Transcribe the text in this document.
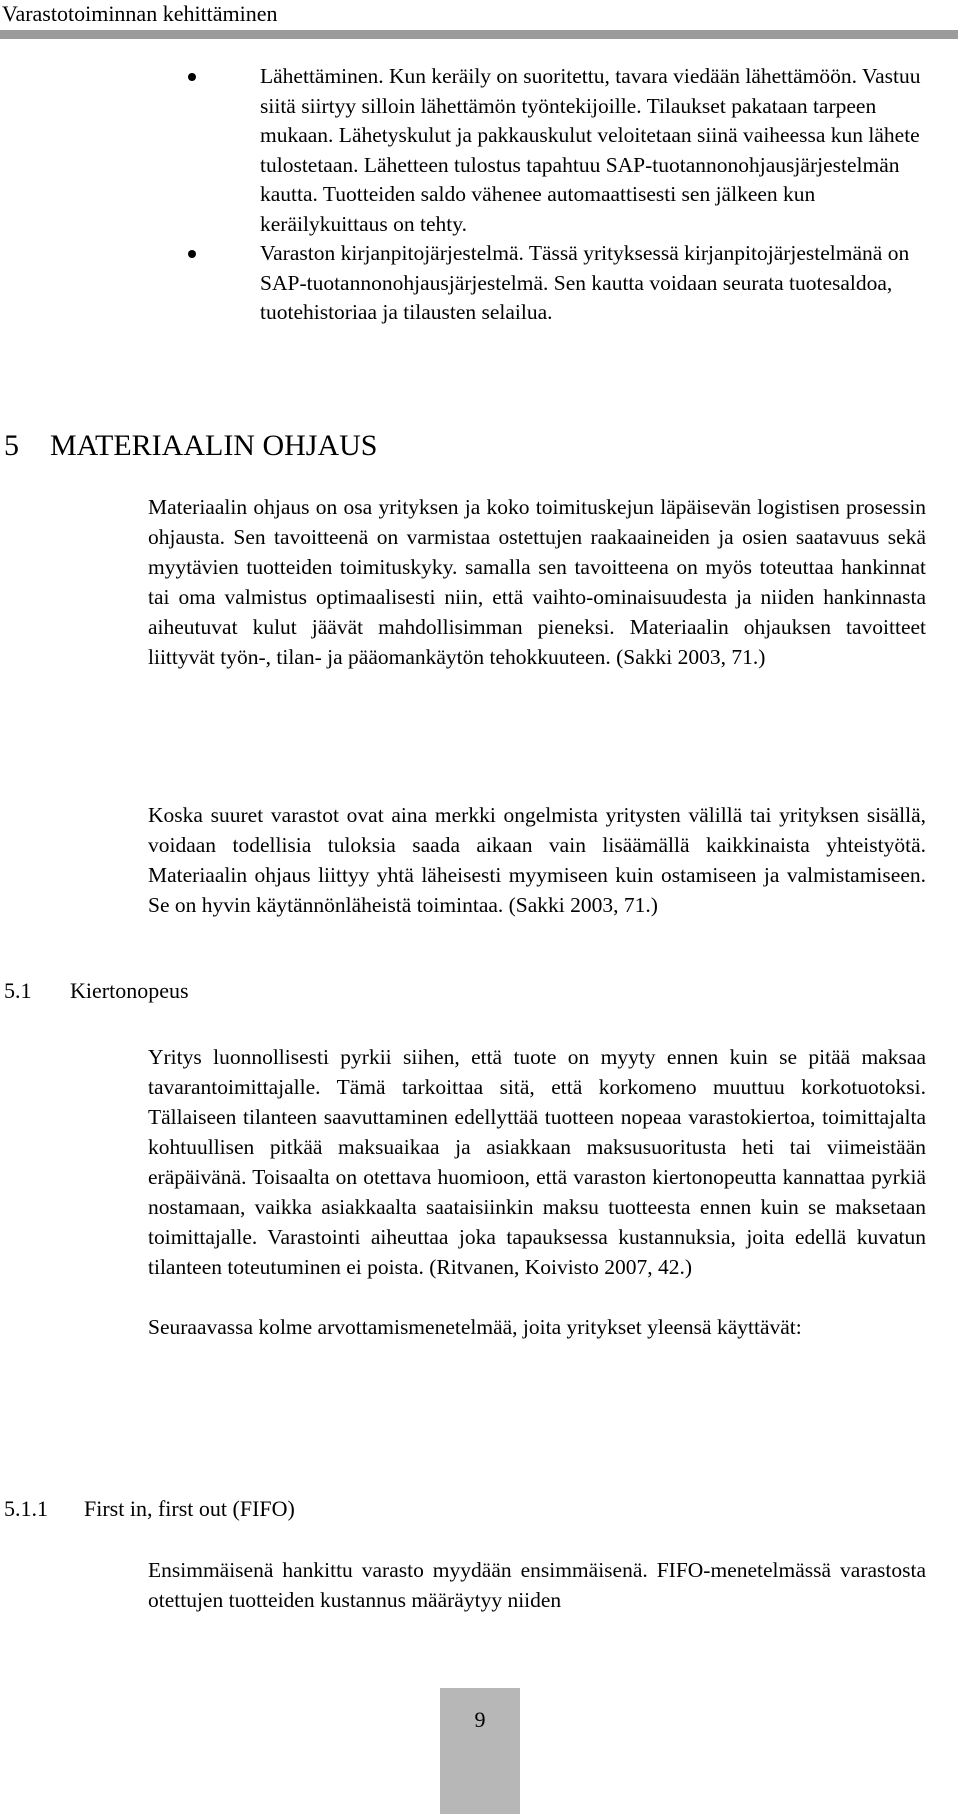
Varastotoiminnan kehittäminen

Lähettäminen. Kun keräily on suoritettu, tavara viedään lähettämöön. Vastuu siitä siirtyy silloin lähettämön työntekijoille. Tilaukset pakataan tarpeen mukaan. Lähetyskulut ja pakkauskulut veloitetaan siinä vaiheessa kun lähete tulostetaan. Lähetteen tulostus tapahtuu SAP-tuotannonohjausjärjestelmän kautta. Tuotteiden saldo vähenee automaattisesti sen jälkeen kun keräilykuittaus on tehty.

Varaston kirjanpitojärjestelmä. Tässä yrityksessä kirjanpitojärjestelmänä on SAP-tuotannonohjausjärjestelmä. Sen kautta voidaan seurata tuotesaldoa, tuotehistoriaa ja tilausten selailua.

5 MATERIAALIN OHJAUS

Materiaalin ohjaus on osa yrityksen ja koko toimituskejun läpäisevän logistisen prosessin ohjausta. Sen tavoitteenä on varmistaa ostettujen raakaaineiden ja osien saatavuus sekä myytävien tuotteiden toimituskyky. samalla sen tavoitteena on myös toteuttaa hankinnat tai oma valmistus optimaalisesti niin, että vaihto-ominaisuudesta ja niiden hankinnasta aiheutuvat kulut jäävät mahdollisimman pieneksi. Materiaalin ohjauksen tavoitteet liittyvät työn-, tilan- ja pääomankäytön tehokkuuteen. (Sakki 2003, 71.)

Koska suuret varastot ovat aina merkki ongelmista yritysten välillä tai yrityksen sisällä, voidaan todellisia tuloksia saada aikaan vain lisäämällä kaikkinaista yhteistyötä. Materiaalin ohjaus liittyy yhtä läheisesti myymiseen kuin ostamiseen ja valmistamiseen. Se on hyvin käytännönläheistä toimintaa. (Sakki 2003, 71.)

5.1 Kiertonopeus

Yritys luonnollisesti pyrkii siihen, että tuote on myyty ennen kuin se pitää maksaa tavarantoimittajalle. Tämä tarkoittaa sitä, että korkomeno muuttuu korkotuotoksi. Tällaiseen tilanteen saavuttaminen edellyttää tuotteen nopeaa varastokiertoa, toimittajalta kohtuullisen pitkää maksuaikaa ja asiakkaan maksusuoritusta heti tai viimeistään eräpäivänä. Toisaalta on otettava huomioon, että varaston kiertonopeutta kannattaa pyrkiä nostamaan, vaikka asiakkaalta saataisiinkin maksu tuotteesta ennen kuin se maksetaan toimittajalle. Varastointi aiheuttaa joka tapauksessa kustannuksia, joita edellä kuvatun tilanteen toteutuminen ei poista. (Ritvanen, Koivisto 2007, 42.)

Seuraavassa kolme arvottamismenetelmää, joita yritykset yleensä käyttävät:

5.1.1 First in, first out (FIFO)

Ensimmäisenä hankittu varasto myydään ensimmäisenä. FIFO-menetelmässä varastosta otettujen tuotteiden kustannus määräytyy niiden

9
